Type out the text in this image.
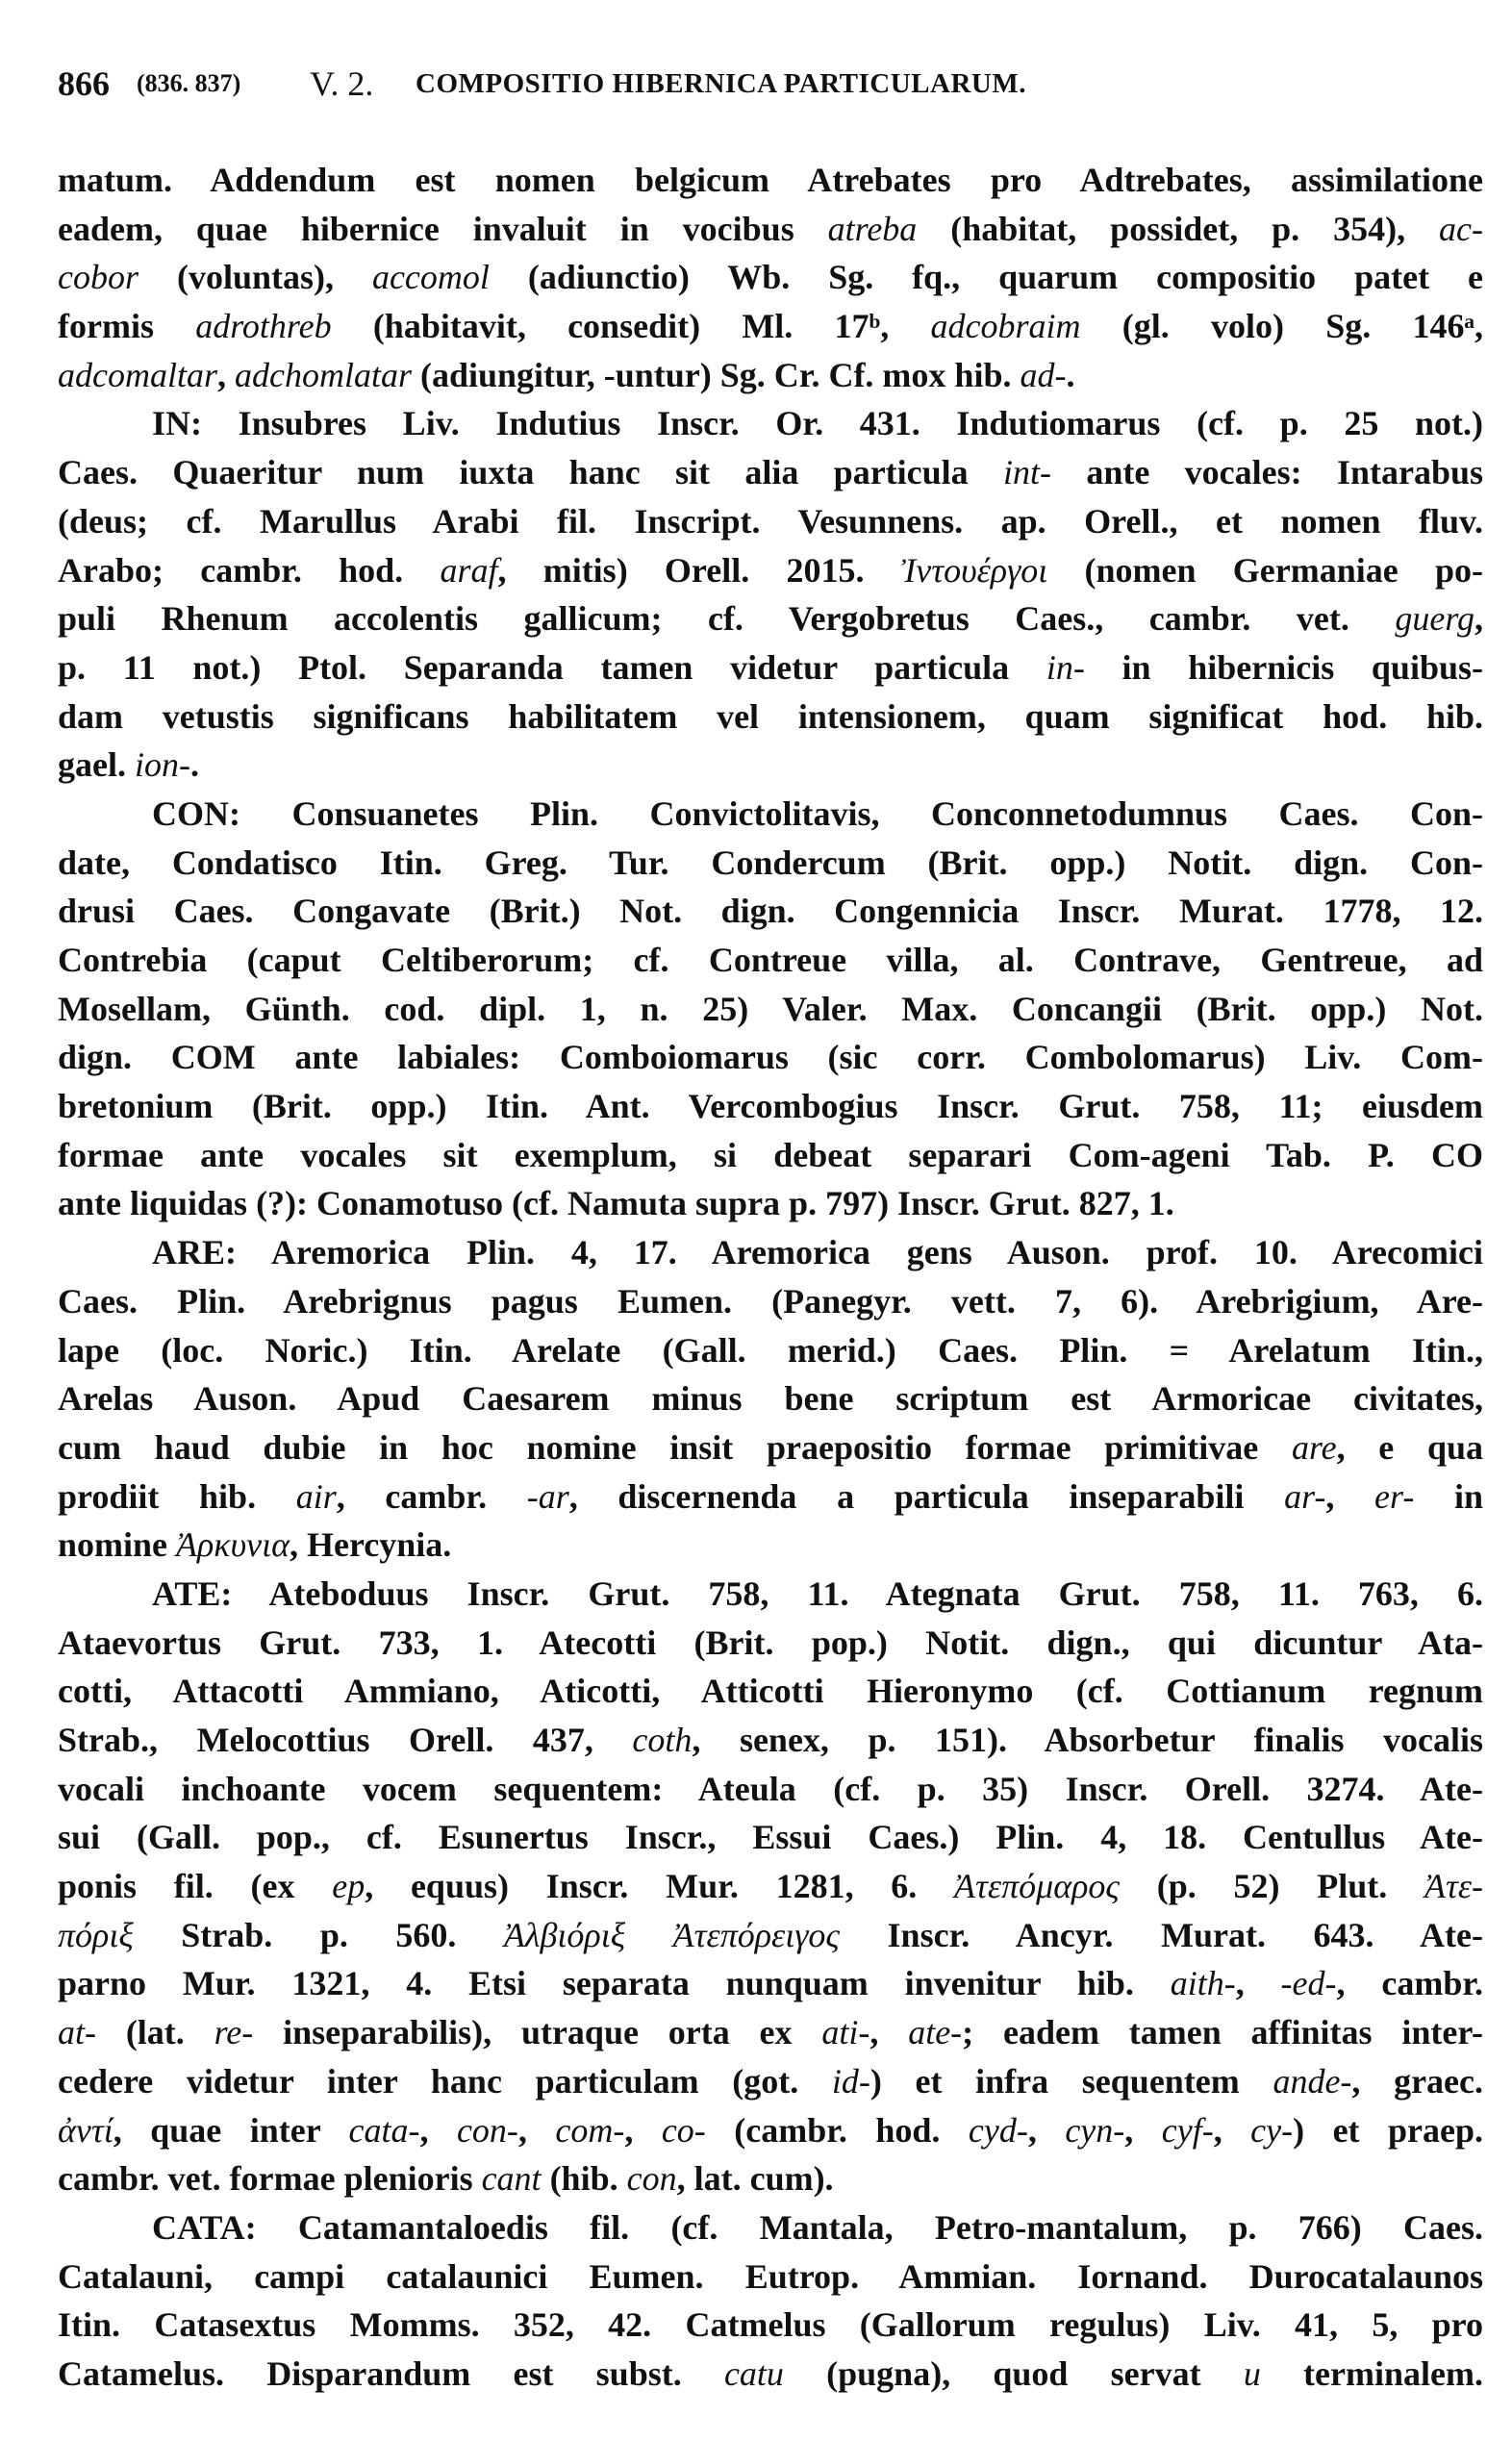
866 (836. 837) V. 2. COMPOSITIO HIBERNICA PARTICULARUM.
matum. Addendum est nomen belgicum Atrebates pro Adtrebates, assimilatione
eadem, quae hibernice invaluit in vocibus atreba (habitat, possidet, p. 354), ac-
cobor (voluntas), accomol (adiunctio) Wb. Sg. fq., quarum compositio patet e
formis adrothreb (habitavit, consedit) Ml. 17ᵇ, adcobraim (gl. volo) Sg. 146ᵃ,
adcomaltar, adchomlatar (adiungitur, -untur) Sg. Cr. Cf. mox hib. ad-.
IN: Insubres Liv. Indutius Inscr. Or. 431. Indutiomarus (cf. p. 25 not.)
Caes. Quaeritur num iuxta hanc sit alia particula int- ante vocales: Intarabus
(deus; cf. Marullus Arabi fil. Inscript. Vesunnens. ap. Orell., et nomen fluv.
Arabo; cambr. hod. araf, mitis) Orell. 2015. Ἰντουέργοι (nomen Germaniae po-
puli Rhenum accolentis gallicum; cf. Vergobretus Caes., cambr. vet. guerg,
p. 11 not.) Ptol. Separanda tamen videtur particula in- in hibernicis quibus-
dam vetustis significans habilitatem vel intensionem, quam significat hod. hib.
gael. ion-.
CON: Consuanetes Plin. Convictolitavis, Conconnetodumnus Caes. Con-
date, Condatisco Itin. Greg. Tur. Condercum (Brit. opp.) Notit. dign. Con-
drusi Caes. Congavate (Brit.) Not. dign. Congennicia Inscr. Murat. 1778, 12.
Contrebia (caput Celtiberorum; cf. Contreue villa, al. Contrave, Gentreue, ad
Mosellam, Günth. cod. dipl. 1, n. 25) Valer. Max. Concangii (Brit. opp.) Not.
dign. COM ante labiales: Comboiomarus (sic corr. Combolomarus) Liv. Com-
bretonium (Brit. opp.) Itin. Ant. Vercombogius Inscr. Grut. 758, 11; eiusdem
formae ante vocales sit exemplum, si debeat separari Com-ageni Tab. P. CO
ante liquidas (?): Conamotuso (cf. Namuta supra p. 797) Inscr. Grut. 827, 1.
ARE: Aremorica Plin. 4, 17. Aremorica gens Auson. prof. 10. Arecomici
Caes. Plin. Arebrignus pagus Eumen. (Panegyr. vett. 7, 6). Arebrigium, Are-
lape (loc. Noric.) Itin. Arelate (Gall. merid.) Caes. Plin. = Arelatum Itin.,
Arelas Auson. Apud Caesarem minus bene scriptum est Armoricae civitates,
cum haud dubie in hoc nomine insit praepositio formae primitivae are, e qua
prodiit hib. air, cambr. -ar, discernenda a particula inseparabili ar-, er- in
nomine Ἀρκυνια, Hercynia.
ATE: Ateboduus Inscr. Grut. 758, 11. Ategnata Grut. 758, 11. 763, 6.
Ataevortus Grut. 733, 1. Atecotti (Brit. pop.) Notit. dign., qui dicuntur Ata-
cotti, Attacotti Ammiano, Aticotti, Atticotti Hieronymo (cf. Cottianum regnum
Strab., Melocottius Orell. 437, coth, senex, p. 151). Absorbetur finalis vocalis
vocali inchoante vocem sequentem: Ateula (cf. p. 35) Inscr. Orell. 3274. Ate-
sui (Gall. pop., cf. Esunertus Inscr., Essui Caes.) Plin. 4, 18. Centullus Ate-
ponis fil. (ex ep, equus) Inscr. Mur. 1281, 6. Ἀτεπόμαρος (p. 52) Plut. Ἀτε-
πόριξ Strab. p. 560. Ἀλβιόριξ Ἀτεπόρειγος Inscr. Ancyr. Murat. 643. Ate-
parno Mur. 1321, 4. Etsi separata nunquam invenitur hib. aith-, -ed-, cambr.
at- (lat. re- inseparabilis), utraque orta ex ati-, ate-; eadem tamen affinitas inter-
cedere videtur inter hanc particulam (got. id-) et infra sequentem ande-, graec.
ἀντί, quae inter cata-, con-, com-, co- (cambr. hod. cyd-, cyn-, cyf-, cy-) et praep.
cambr. vet. formae plenioris cant (hib. con, lat. cum).
CATA: Catamantaloedis fil. (cf. Mantala, Petro-mantalum, p. 766) Caes.
Catalauni, campi catalaunici Eumen. Eutrop. Ammian. Iornand. Durocatalaunos
Itin. Catasextus Momms. 352, 42. Catmelus (Gallorum regulus) Liv. 41, 5, pro
Catamelus. Disparandum est subst. catu (pugna), quod servat u terminalem.
